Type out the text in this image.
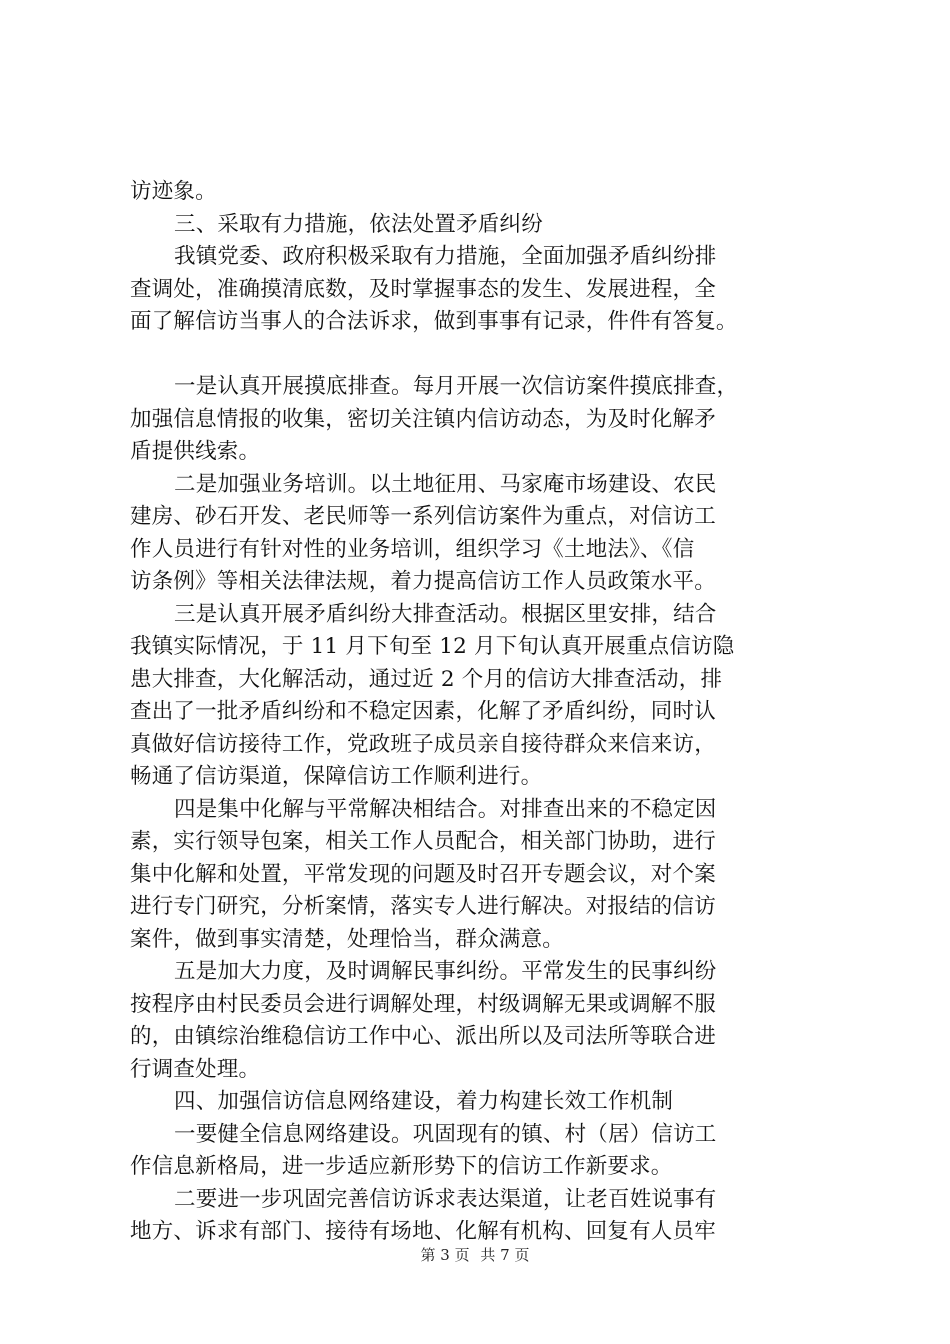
访迹象。
三、采取有力措施，依法处置矛盾纠纷
我镇党委、政府积极采取有力措施，全面加强矛盾纠纷排
查调处，准确摸清底数，及时掌握事态的发生、发展进程，全
面了解信访当事人的合法诉求，做到事事有记录，件件有答复。
一是认真开展摸底排查。每月开展一次信访案件摸底排查，
加强信息情报的收集，密切关注镇内信访动态，为及时化解矛
盾提供线索。
二是加强业务培训。以土地征用、马家庵市场建设、农民
建房、砂石开发、老民师等一系列信访案件为重点，对信访工
作人员进行有针对性的业务培训，组织学习《土地法》、《信
访条例》等相关法律法规，着力提高信访工作人员政策水平。
三是认真开展矛盾纠纷大排查活动。根据区里安排，结合
我镇实际情况，于 11 月下旬至 12 月下旬认真开展重点信访隐
患大排查，大化解活动，通过近 2 个月的信访大排查活动，排
查出了一批矛盾纠纷和不稳定因素，化解了矛盾纠纷，同时认
真做好信访接待工作，党政班子成员亲自接待群众来信来访，
畅通了信访渠道，保障信访工作顺利进行。
四是集中化解与平常解决相结合。对排查出来的不稳定因
素，实行领导包案，相关工作人员配合，相关部门协助，进行
集中化解和处置，平常发现的问题及时召开专题会议，对个案
进行专门研究，分析案情，落实专人进行解决。对报结的信访
案件，做到事实清楚，处理恰当，群众满意。
五是加大力度，及时调解民事纠纷。平常发生的民事纠纷
按程序由村民委员会进行调解处理，村级调解无果或调解不服
的，由镇综治维稳信访工作中心、派出所以及司法所等联合进
行调查处理。
四、加强信访信息网络建设，着力构建长效工作机制
一要健全信息网络建设。巩固现有的镇、村（居）信访工
作信息新格局，进一步适应新形势下的信访工作新要求。
二要进一步巩固完善信访诉求表达渠道，让老百姓说事有
地方、诉求有部门、接待有场地、化解有机构、回复有人员牢
第 3 页 共 7 页
